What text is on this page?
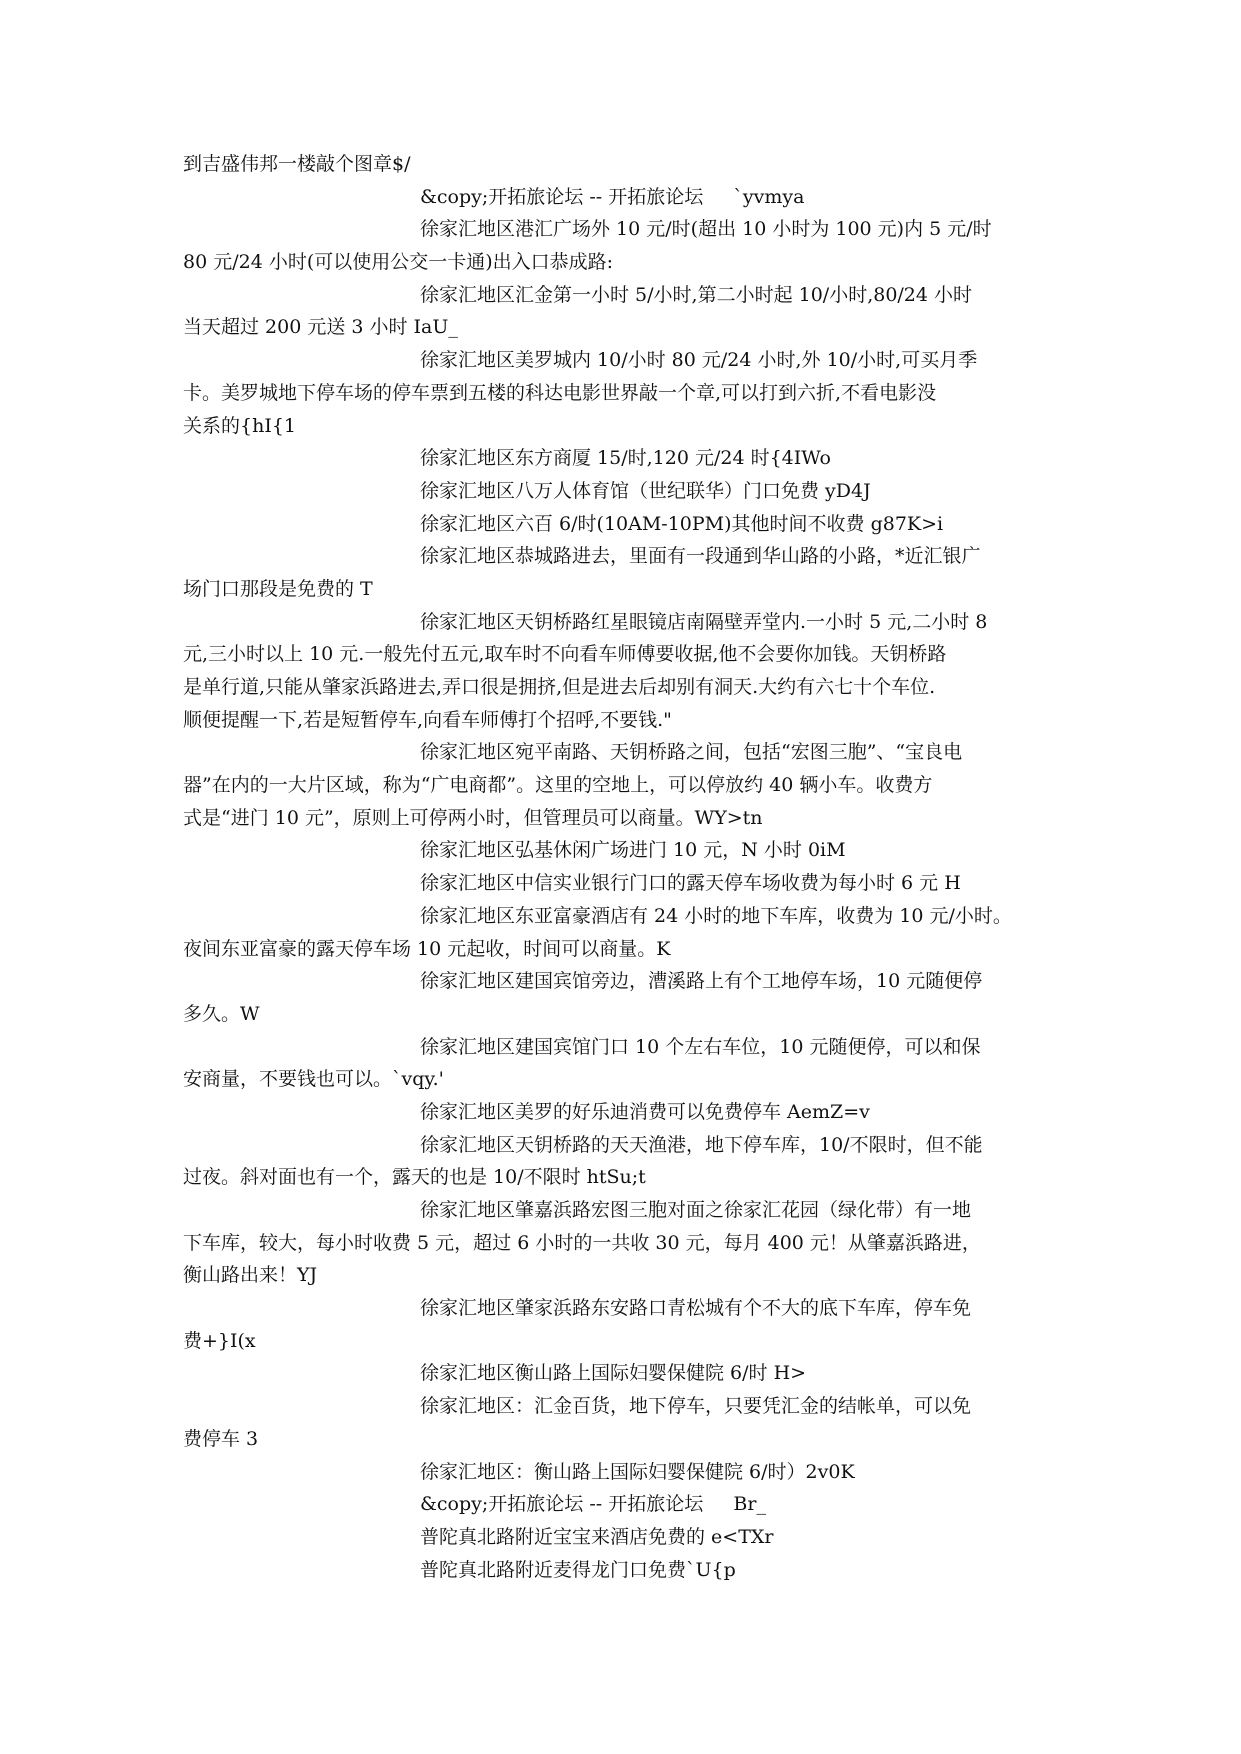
到吉盛伟邦一楼敲个图章$/
&copy;开拓旅论坛 -- 开拓旅论坛     `yvmya
徐家汇地区港汇广场外 10 元/时(超出 10 小时为 100 元)内 5 元/时
80 元/24 小时(可以使用公交一卡通)出入口恭成路:
徐家汇地区汇金第一小时 5/小时,第二小时起 10/小时,80/24 小时
当天超过 200 元送 3 小时 IaU_
徐家汇地区美罗城内 10/小时 80 元/24 小时,外 10/小时,可买月季
卡。美罗城地下停车场的停车票到五楼的科达电影世界敲一个章,可以打到六折,不看电影没
关系的{hI{1
徐家汇地区东方商厦 15/时,120 元/24 时{4IWo
徐家汇地区八万人体育馆（世纪联华）门口免费 yD4J
徐家汇地区六百 6/时(10AM-10PM)其他时间不收费 g87K>i
徐家汇地区恭城路进去，里面有一段通到华山路的小路，*近汇银广
场门口那段是免费的 T
徐家汇地区天钥桥路红星眼镜店南隔壁弄堂内.一小时 5 元,二小时 8
元,三小时以上 10 元.一般先付五元,取车时不向看车师傅要收据,他不会要你加钱。天钥桥路
是单行道,只能从肇家浜路进去,弄口很是拥挤,但是进去后却别有洞天.大约有六七十个车位.
顺便提醒一下,若是短暂停车,向看车师傅打个招呼,不要钱."
徐家汇地区宛平南路、天钥桥路之间，包括“宏图三胞”、“宝良电
器”在内的一大片区域，称为“广电商都”。这里的空地上，可以停放约 40 辆小车。收费方
式是“进门 10 元”，原则上可停两小时，但管理员可以商量。WY>tn
徐家汇地区弘基休闲广场进门 10 元，N 小时 0iM
徐家汇地区中信实业银行门口的露天停车场收费为每小时 6 元 H
徐家汇地区东亚富豪酒店有 24 小时的地下车库，收费为 10 元/小时。
夜间东亚富豪的露天停车场 10 元起收，时间可以商量。K
徐家汇地区建国宾馆旁边，漕溪路上有个工地停车场，10 元随便停
多久。W
徐家汇地区建国宾馆门口 10 个左右车位，10 元随便停，可以和保
安商量，不要钱也可以。`vqy.'
徐家汇地区美罗的好乐迪消费可以免费停车 AemZ=v
徐家汇地区天钥桥路的天天渔港，地下停车库，10/不限时，但不能
过夜。斜对面也有一个，露天的也是 10/不限时 htSu;t
徐家汇地区肇嘉浜路宏图三胞对面之徐家汇花园（绿化带）有一地
下车库，较大，每小时收费 5 元，超过 6 小时的一共收 30 元，每月 400 元！从肇嘉浜路进，
衡山路出来！YJ
徐家汇地区肇家浜路东安路口青松城有个不大的底下车库，停车免
费+}I(x
徐家汇地区衡山路上国际妇婴保健院 6/时 H>
徐家汇地区：汇金百货，地下停车，只要凭汇金的结帐单，可以免
费停车 3
徐家汇地区：衡山路上国际妇婴保健院 6/时）2v0K
&copy;开拓旅论坛 -- 开拓旅论坛     Br_
普陀真北路附近宝宝来酒店免费的 e<TXr
普陀真北路附近麦得龙门口免费`U{p
